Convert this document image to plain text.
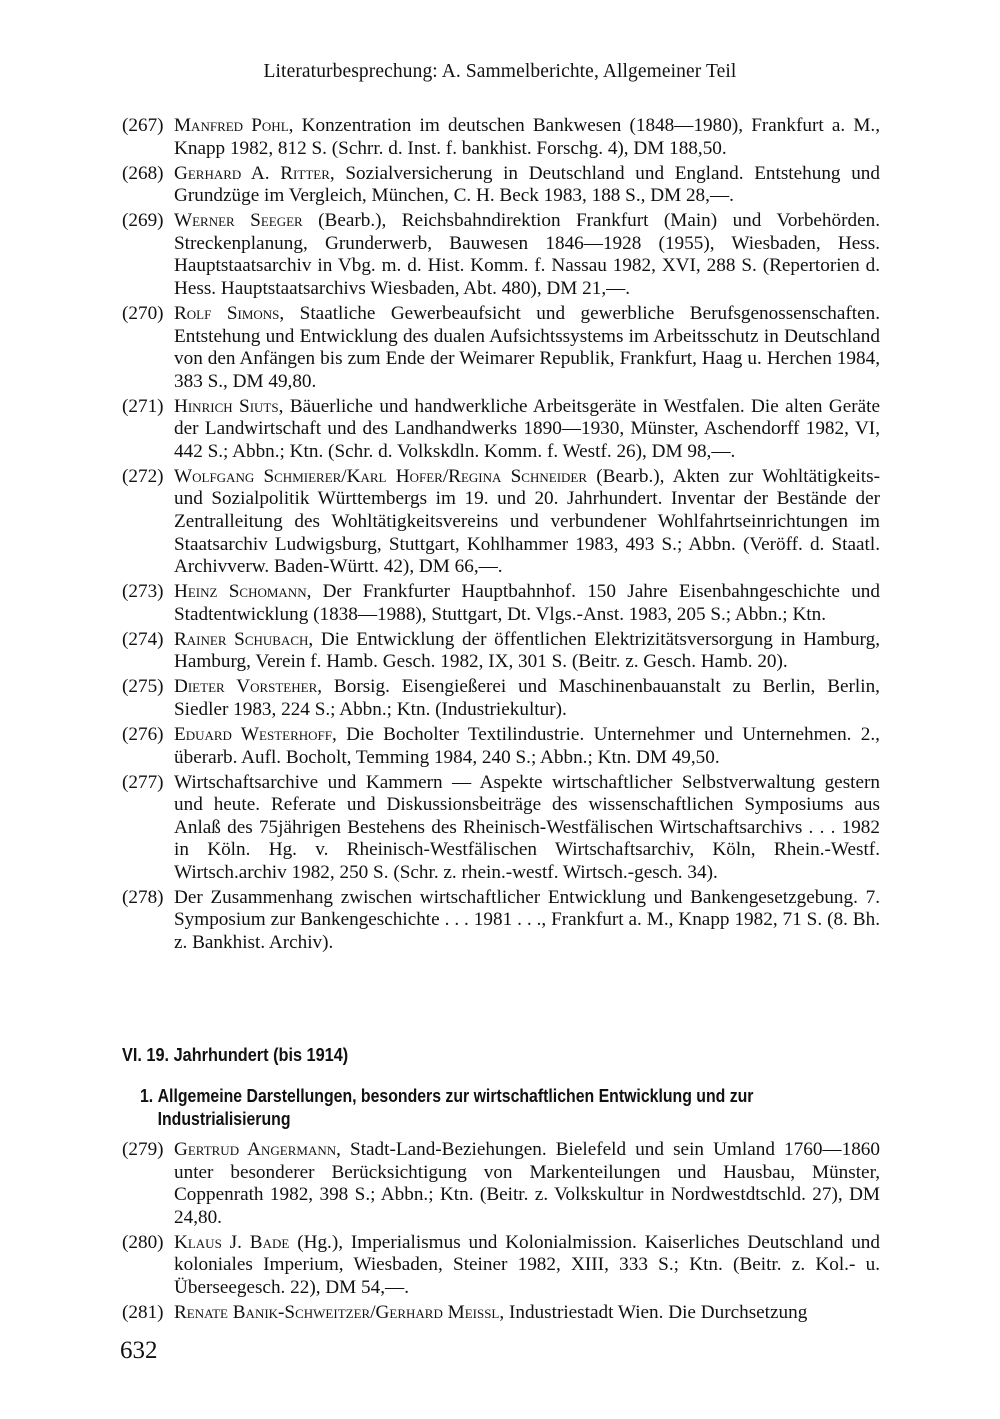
Literaturbesprechung: A. Sammelberichte, Allgemeiner Teil
(267) Manfred Pohl, Konzentration im deutschen Bankwesen (1848—1980), Frankfurt a. M., Knapp 1982, 812 S. (Schrr. d. Inst. f. bankhist. Forschg. 4), DM 188,50.
(268) Gerhard A. Ritter, Sozialversicherung in Deutschland und England. Entstehung und Grundzüge im Vergleich, München, C. H. Beck 1983, 188 S., DM 28,—.
(269) Werner Seeger (Bearb.), Reichsbahndirektion Frankfurt (Main) und Vorbehörden. Streckenplanung, Grunderwerb, Bauwesen 1846—1928 (1955), Wiesbaden, Hess. Hauptstaatsarchiv in Vbg. m. d. Hist. Komm. f. Nassau 1982, XVI, 288 S. (Repertorien d. Hess. Hauptstaatsarchivs Wiesbaden, Abt. 480), DM 21,—.
(270) Rolf Simons, Staatliche Gewerbeaufsicht und gewerbliche Berufsgenossenschaften. Entstehung und Entwicklung des dualen Aufsichtssystems im Arbeitsschutz in Deutschland von den Anfängen bis zum Ende der Weimarer Republik, Frankfurt, Haag u. Herchen 1984, 383 S., DM 49,80.
(271) Hinrich Siuts, Bäuerliche und handwerkliche Arbeitsgeräte in Westfalen. Die alten Geräte der Landwirtschaft und des Landhandwerks 1890—1930, Münster, Aschendorff 1982, VI, 442 S.; Abbn.; Ktn. (Schr. d. Volkskdln. Komm. f. Westf. 26), DM 98,—.
(272) Wolfgang Schmierer/Karl Hofer/Regina Schneider (Bearb.), Akten zur Wohltätigkeits- und Sozialpolitik Württembergs im 19. und 20. Jahrhundert. Inventar der Bestände der Zentralleitung des Wohltätigkeitsvereins und verbundener Wohlfahrtseinrichtungen im Staatsarchiv Ludwigsburg, Stuttgart, Kohlhammer 1983, 493 S.; Abbn. (Veröff. d. Staatl. Archivverw. Baden-Württ. 42), DM 66,—.
(273) Heinz Schomann, Der Frankfurter Hauptbahnhof. 150 Jahre Eisenbahngeschichte und Stadtentwicklung (1838—1988), Stuttgart, Dt. Vlgs.-Anst. 1983, 205 S.; Abbn.; Ktn.
(274) Rainer Schubach, Die Entwicklung der öffentlichen Elektrizitätsversorgung in Hamburg, Hamburg, Verein f. Hamb. Gesch. 1982, IX, 301 S. (Beitr. z. Gesch. Hamb. 20).
(275) Dieter Vorsteher, Borsig. Eisengießerei und Maschinenbauanstalt zu Berlin, Berlin, Siedler 1983, 224 S.; Abbn.; Ktn. (Industriekultur).
(276) Eduard Westerhoff, Die Bocholter Textilindustrie. Unternehmer und Unternehmen. 2., überarb. Aufl. Bocholt, Temming 1984, 240 S.; Abbn.; Ktn. DM 49,50.
(277) Wirtschaftsarchive und Kammern — Aspekte wirtschaftlicher Selbstverwaltung gestern und heute. Referate und Diskussionsbeiträge des wissenschaftlichen Symposiums aus Anlaß des 75jährigen Bestehens des Rheinisch-Westfälischen Wirtschaftsarchivs . . . 1982 in Köln. Hg. v. Rheinisch-Westfälischen Wirtschaftsarchiv, Köln, Rhein.-Westf. Wirtsch.archiv 1982, 250 S. (Schr. z. rhein.-westf. Wirtsch.-gesch. 34).
(278) Der Zusammenhang zwischen wirtschaftlicher Entwicklung und Bankengesetzgebung. 7. Symposium zur Bankengeschichte . . . 1981 . . ., Frankfurt a. M., Knapp 1982, 71 S. (8. Bh. z. Bankhist. Archiv).
VI. 19. Jahrhundert (bis 1914)
1. Allgemeine Darstellungen, besonders zur wirtschaftlichen Entwicklung und zur Industrialisierung
(279) Gertrud Angermann, Stadt-Land-Beziehungen. Bielefeld und sein Umland 1760—1860 unter besonderer Berücksichtigung von Markenteilungen und Hausbau, Münster, Coppenrath 1982, 398 S.; Abbn.; Ktn. (Beitr. z. Volkskultur in Nordwestdtschld. 27), DM 24,80.
(280) Klaus J. Bade (Hg.), Imperialismus und Kolonialmission. Kaiserliches Deutschland und koloniales Imperium, Wiesbaden, Steiner 1982, XIII, 333 S.; Ktn. (Beitr. z. Kol.- u. Überseegesch. 22), DM 54,—.
(281) Renate Banik-Schweitzer/Gerhard Meißl, Industriestadt Wien. Die Durchsetzung
632
